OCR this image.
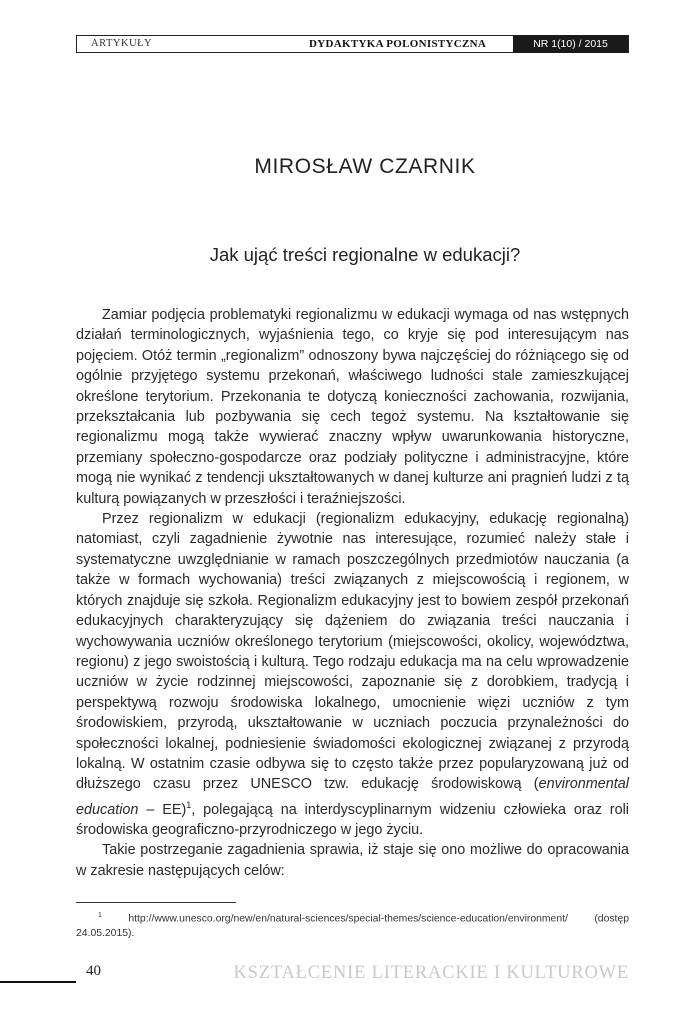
ARTYKUŁY	DYDAKTYKA POLONISTYCZNA	NR 1(10) / 2015
MIROSŁAW CZARNIK
Jak ująć treści regionalne w edukacji?

Zamiar podjęcia problematyki regionalizmu w edukacji wymaga od nas wstępnych działań terminologicznych, wyjaśnienia tego, co kryje się pod interesującym nas pojęciem. Otóż termin „regionalizm” odnoszony bywa najczęściej do różniącego się od ogólnie przyjętego systemu przekonań, właściwego ludności stale zamieszkującej określone terytorium. Przekonania te dotyczą konieczności zachowania, rozwijania, przekształcania lub pozbywania się cech tegoż systemu. Na kształtowanie się regionalizmu mogą także wywierać znaczny wpływ uwarunkowania historyczne, przemiany społeczno-gospodarcze oraz podziały polityczne i administracyjne, które mogą nie wynikać z tendencji ukształtowanych w danej kulturze ani pragnień ludzi z tą kulturą powiązanych w przeszłości i teraźniejszości.

Przez regionalizm w edukacji (regionalizm edukacyjny, edukację regionalną) natomiast, czyli zagadnienie żywotnie nas interesujące, rozumieć należy stałe i systematyczne uwzględnianie w ramach poszczególnych przedmiotów nauczania (a także w formach wychowania) treści związanych z miejscowością i regionem, w których znajduje się szkoła. Regionalizm edukacyjny jest to bowiem zespół przekonań edukacyjnych charakteryzujący się dążeniem do związania treści nauczania i wychowywania uczniów określonego terytorium (miejscowości, okolicy, województwa, regionu) z jego swoistością i kulturą. Tego rodzaju edukacja ma na celu wprowadzenie uczniów w życie rodzinnej miejscowości, zapoznanie się z dorobkiem, tradycją i perspektywą rozwoju środowiska lokalnego, umocnienie więzi uczniów z tym środowiskiem, przyrodą, ukształtowanie w uczniach poczucia przynależności do społeczności lokalnej, podniesienie świadomości ekologicznej związanej z przyrodą lokalną. W ostatnim czasie odbywa się to często także przez popularyzowaną już od dłuższego czasu przez UNESCO tzw. edukację środowiskową (environmental education – EE)$^1$, polegającą na interdyscyplinarnym widzeniu człowieka oraz roli środowiska geograficzno-przyrodniczego w jego życiu.

Takie postrzeganie zagadnienia sprawia, iż staje się ono możliwe do opracowania w zakresie następujących celów:

$^1$ http://www.unesco.org/new/en/natural-sciences/special-themes/science-education/environment/ (dostęp 24.05.2015).

40	KSZTAŁCENIE LITERACKIE I KULTUROWE
